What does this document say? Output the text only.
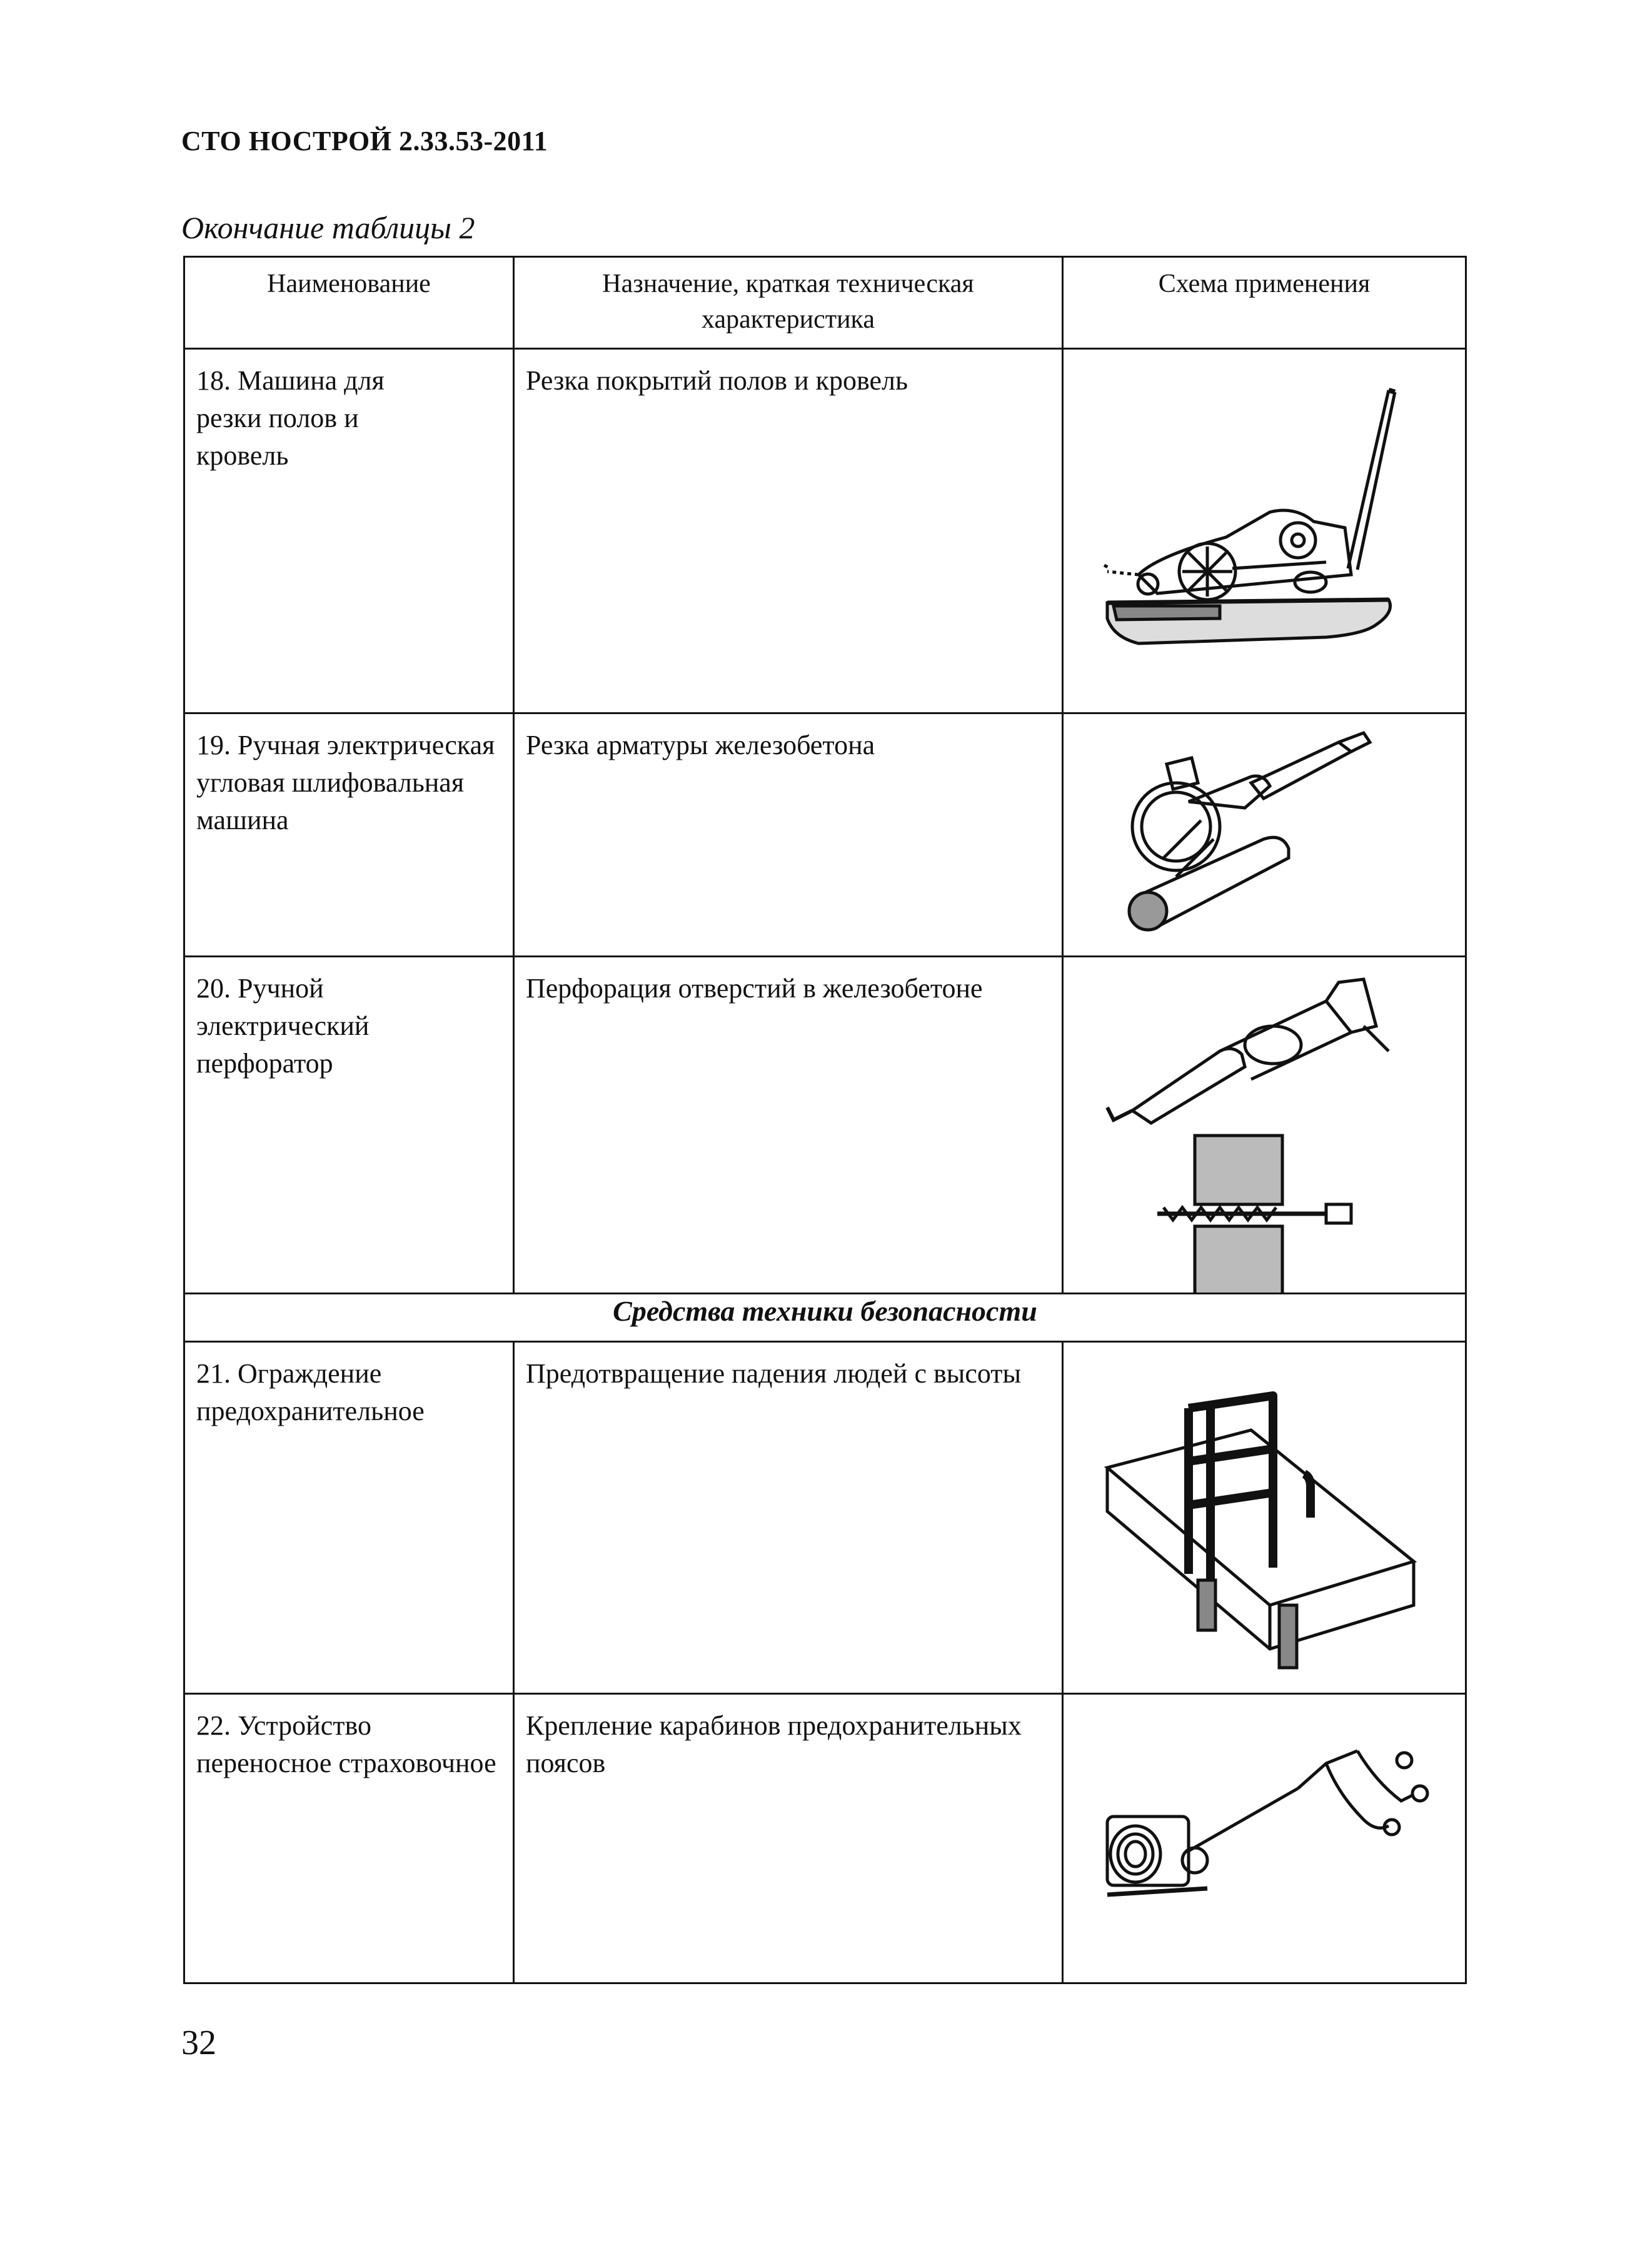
СТО НОСТРОЙ 2.33.53-2011
Окончание таблицы 2
Наименование	Назначение, краткая техническая характеристика	Схема применения
18. Машина для резки полов и кровель	Резка покрытий полов и кровель	

19. Ручная электрическая угловая шлифовальная машина	Резка арматуры железобетона	

20. Ручной электрический перфоратор	Перфорация отверстий в железобетоне	

Средства техники безопасности		
21. Ограждение предохранительное	Предотвращение падения людей с высоты	

22. Устройство переносное страховочное	Крепление карабинов предохранительных поясов	
32
